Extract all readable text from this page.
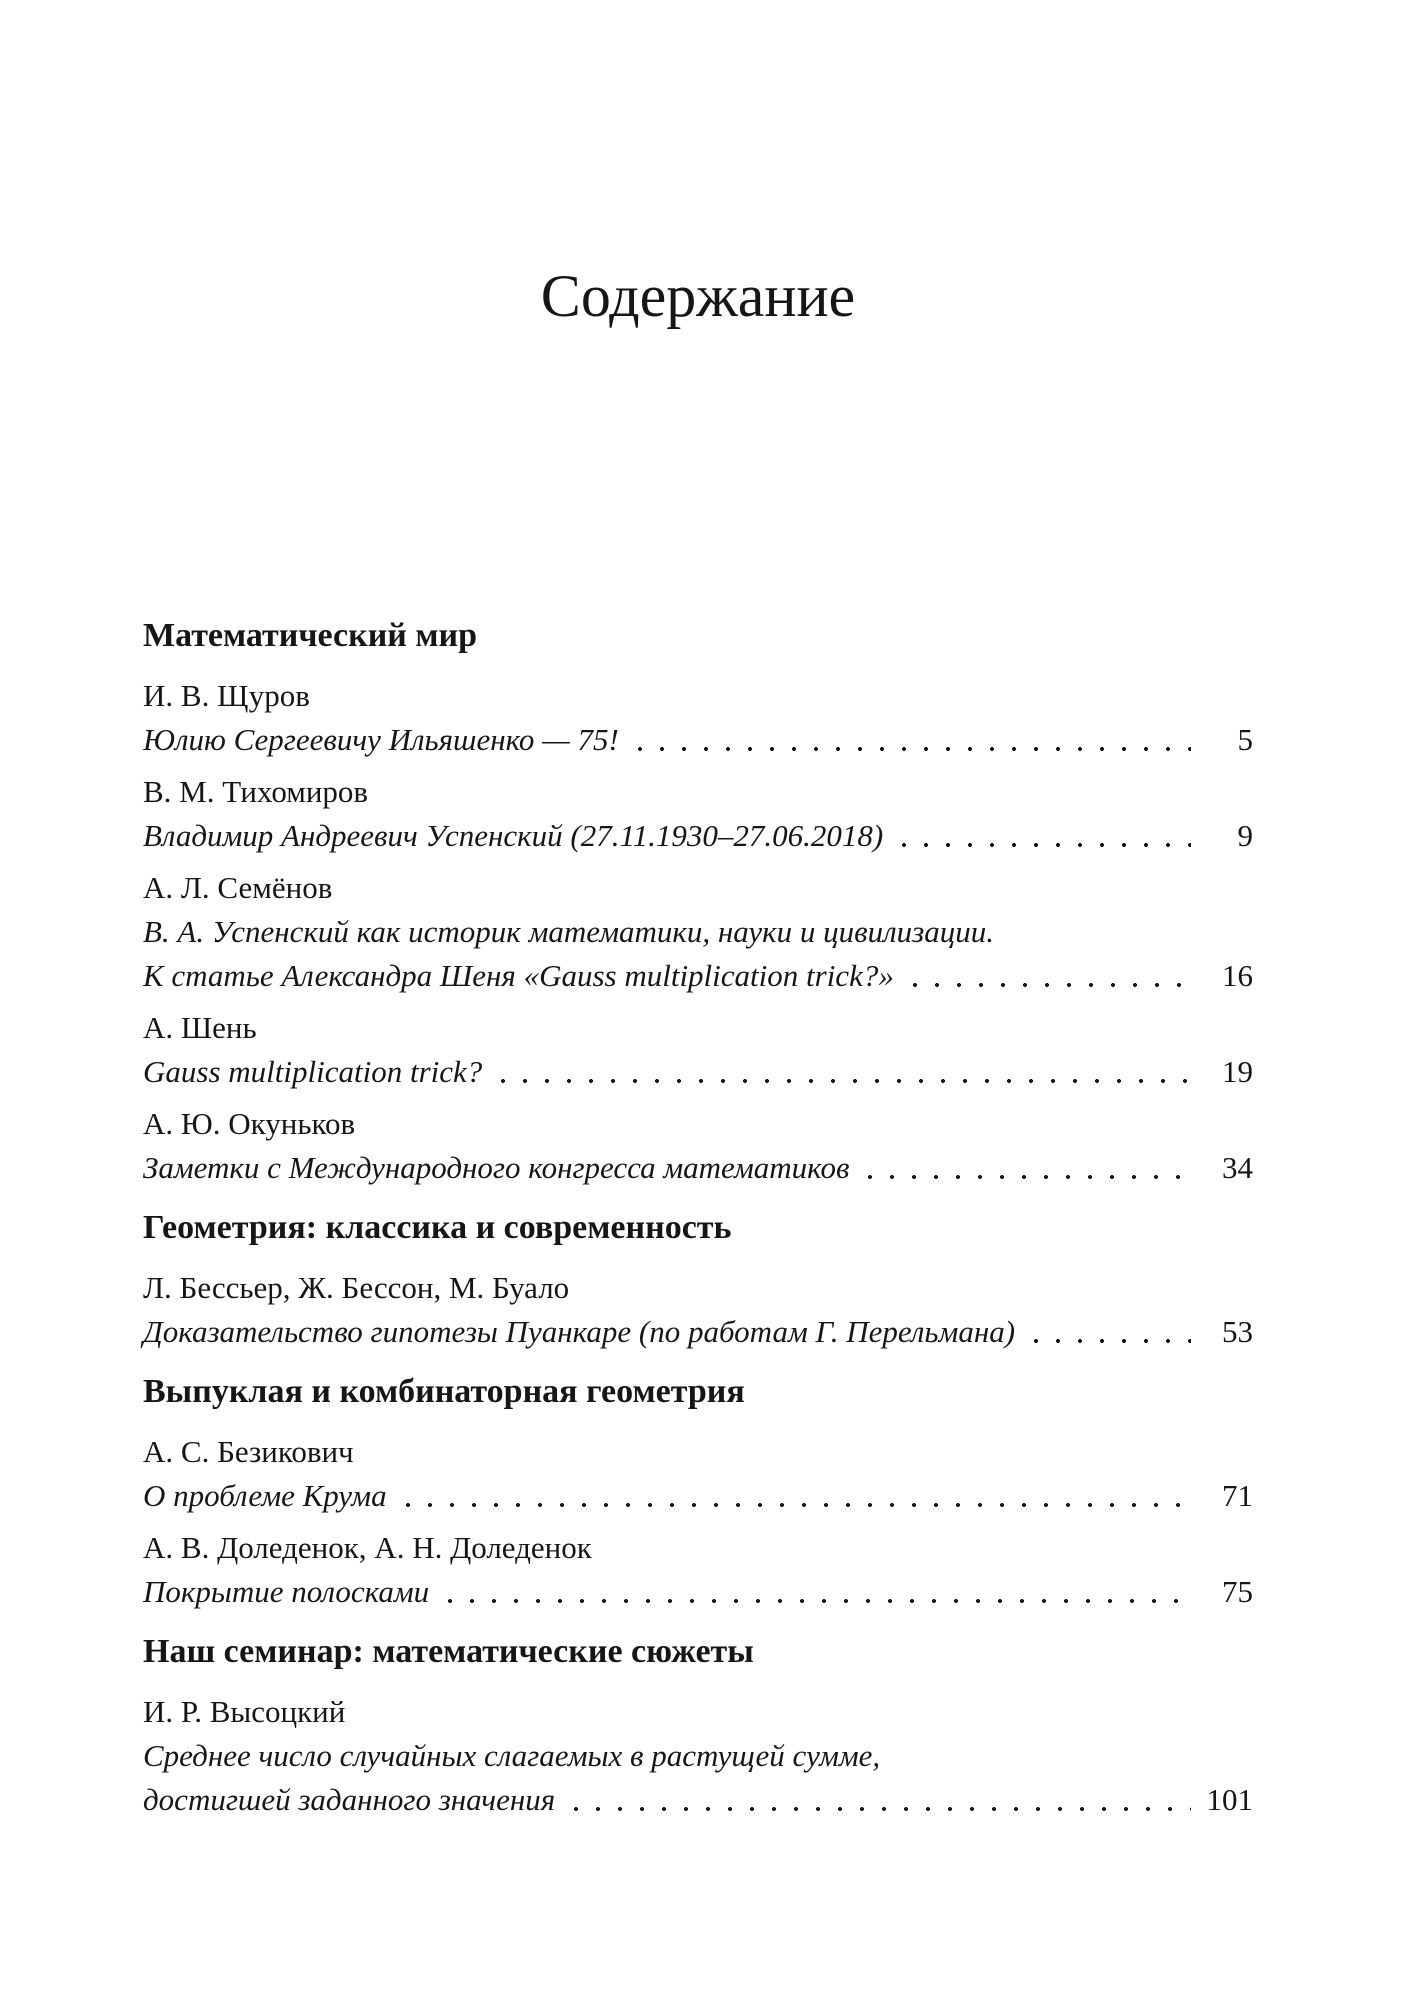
Содержание
Математический мир
И. В. Щуров
Юлию Сергеевичу Ильяшенко — 75!	5
В. М. Тихомиров
Владимир Андреевич Успенский (27.11.1930–27.06.2018)	9
А. Л. Семёнов
В. А. Успенский как историк математики, науки и цивилизации.
К статье Александра Шеня «Gauss multiplication trick?»	16
А. Шень
Gauss multiplication trick?	19
А. Ю. Окуньков
Заметки с Международного конгресса математиков	34
Геометрия: классика и современность
Л. Бессьер, Ж. Бессон, М. Буало
Доказательство гипотезы Пуанкаре (по работам Г. Перельмана)	53
Выпуклая и комбинаторная геометрия
А. С. Безикович
О проблеме Крума	71
А. В. Доледенок, А. Н. Доледенок
Покрытие полосками	75
Наш семинар: математические сюжеты
И. Р. Высоцкий
Среднее число случайных слагаемых в растущей сумме,
достигшей заданного значения	101
